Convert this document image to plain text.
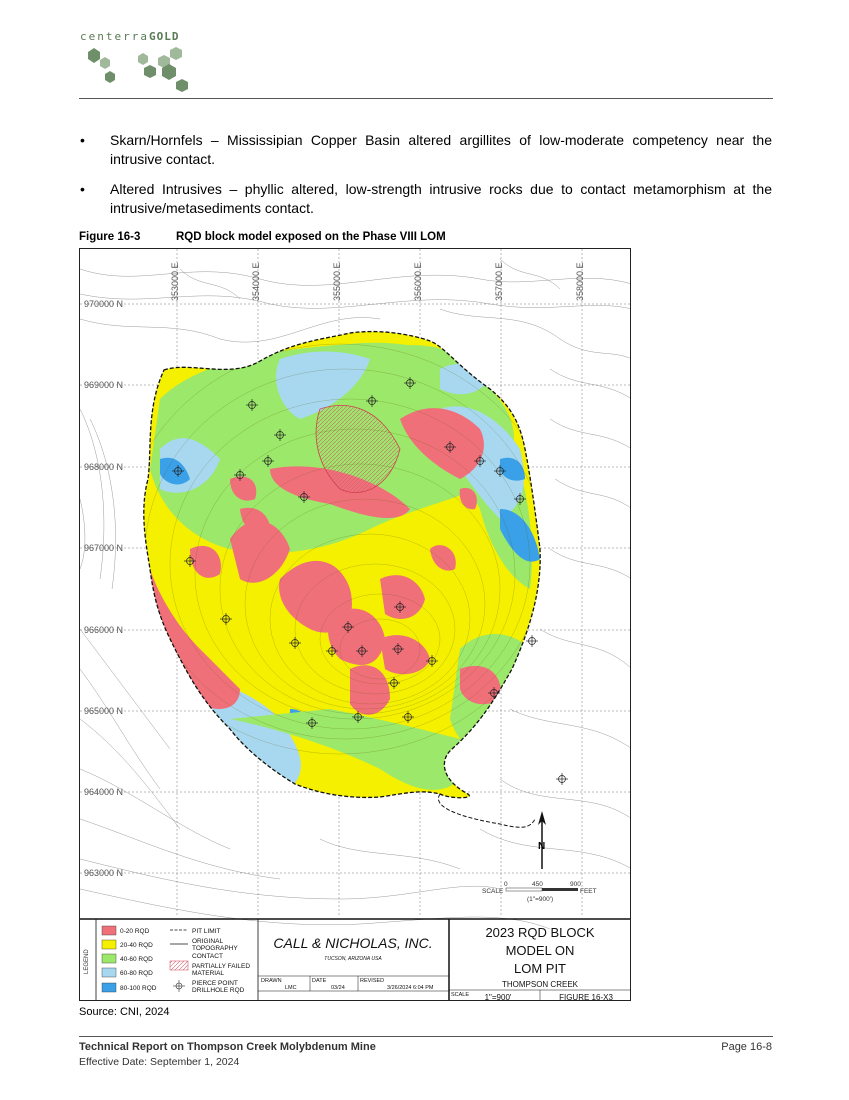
centerraGOLD
•	Skarn/Hornfels – Mississipian Copper Basin altered argillites of low-moderate competency near the intrusive contact.
•	Altered Intrusives – phyllic altered, low-strength intrusive rocks due to contact metamorphism at the intrusive/metasediments contact.
Figure 16-3	RQD block model exposed on the Phase VIII LOM
353000 E	354000 E	355000 E	356000 E	357000 E	358000 E
970000 N
969000 N
968000 N
967000 N
966000 N
965000 N
964000 N
963000 N
N
0	450	900
SCALE	FEET
(1"=900')
LEGEND
0-20 RQD
20-40 RQD
40-60 RQD
60-80 RQD
80-100 RQD
PIT LIMIT
ORIGINAL
TOPOGRAPHY
CONTACT
PARTIALLY FAILED
MATERIAL
PIERCE POINT
DRILLHOLE RQD
CALL & NICHOLAS, INC.
TUCSON, ARIZONA USA
DRAWN
LMC
DATE
03/24
REVISED
3/26/2024 6:04 PM
2023 RQD BLOCK
MODEL ON
LOM PIT
THOMPSON CREEK
SCALE 1"=900'	FIGURE 16-X3
Source: CNI, 2024
Technical Report on Thompson Creek Molybdenum Mine
Effective Date: September 1, 2024
Page 16-8
